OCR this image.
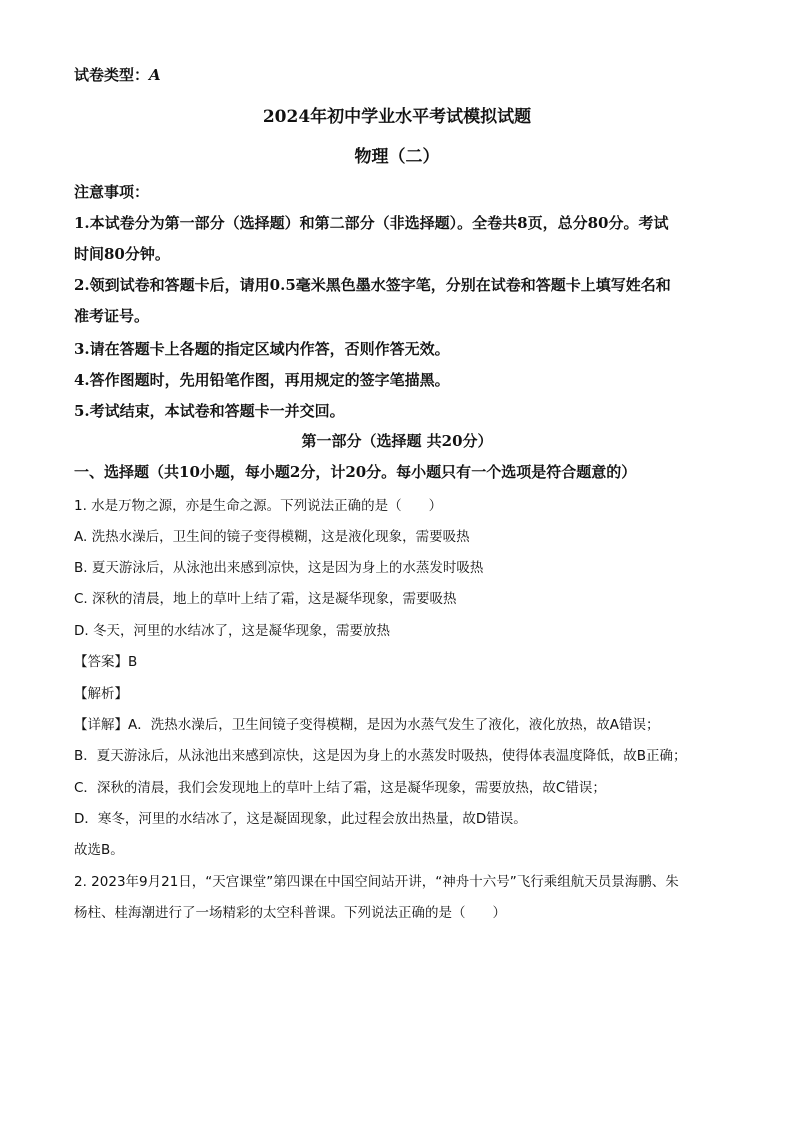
试卷类型：A
2024年初中学业水平考试模拟试题
物理（二）
注意事项：
1.本试卷分为第一部分（选择题）和第二部分（非选择题）。全卷共8页，总分80分。考试
时间80分钟。
2.领到试卷和答题卡后，请用0.5毫米黑色墨水签字笔，分别在试卷和答题卡上填写姓名和
准考证号。
3.请在答题卡上各题的指定区域内作答，否则作答无效。
4.答作图题时，先用铅笔作图，再用规定的签字笔描黑。
5.考试结束，本试卷和答题卡一并交回。
第一部分（选择题 共20分）
一、选择题（共10小题，每小题2分，计20分。每小题只有一个选项是符合题意的）
1. 水是万物之源，亦是生命之源。下列说法正确的是（　　）
A. 洗热水澡后，卫生间的镜子变得模糊，这是液化现象，需要吸热
B. 夏天游泳后，从泳池出来感到凉快，这是因为身上的水蒸发时吸热
C. 深秋的清晨，地上的草叶上结了霜，这是凝华现象，需要吸热
D. 冬天，河里的水结冰了，这是凝华现象，需要放热
【答案】B
【解析】
【详解】A．洗热水澡后，卫生间镜子变得模糊，是因为水蒸气发生了液化，液化放热，故A错误；
B．夏天游泳后，从泳池出来感到凉快，这是因为身上的水蒸发时吸热，使得体表温度降低，故B正确；
C．深秋的清晨，我们会发现地上的草叶上结了霜，这是凝华现象，需要放热，故C错误；
D．寒冬，河里的水结冰了，这是凝固现象，此过程会放出热量，故D错误。
故选B。
2. 2023年9月21日，“天宫课堂”第四课在中国空间站开讲，“神舟十六号”飞行乘组航天员景海鹏、朱
杨柱、桂海潮进行了一场精彩的太空科普课。下列说法正确的是（　　）
